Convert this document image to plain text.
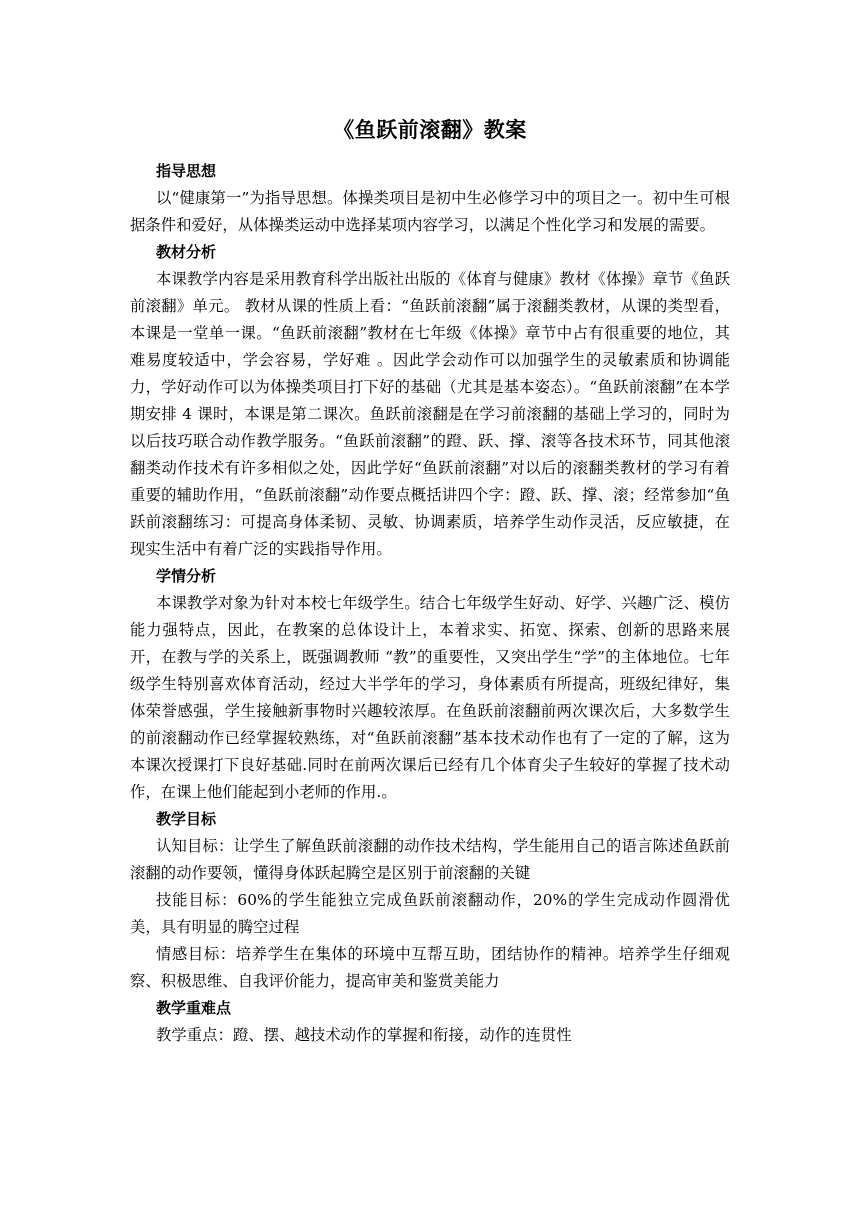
《鱼跃前滚翻》教案

指导思想

以“健康第一”为指导思想。体操类项目是初中生必修学习中的项目之一。初中生可根据条件和爱好，从体操类运动中选择某项内容学习，以满足个性化学习和发展的需要。

教材分析

本课教学内容是采用教育科学出版社出版的《体育与健康》教材《体操》章节《鱼跃前滚翻》单元。 教材从课的性质上看：“鱼跃前滚翻”属于滚翻类教材，从课的类型看，本课是一堂单一课。“鱼跃前滚翻”教材在七年级《体操》章节中占有很重要的地位，其难易度较适中，学会容易，学好难 。因此学会动作可以加强学生的灵敏素质和协调能力，学好动作可以为体操类项目打下好的基础（尤其是基本姿态）。“鱼跃前滚翻”在本学期安排 4 课时，本课是第二课次。鱼跃前滚翻是在学习前滚翻的基础上学习的，同时为以后技巧联合动作教学服务。“鱼跃前滚翻”的蹬、跃、撑、滚等各技术环节，同其他滚翻类动作技术有许多相似之处，因此学好“鱼跃前滚翻”对以后的滚翻类教材的学习有着重要的辅助作用，“鱼跃前滚翻”动作要点概括讲四个字：蹬、跃、撑、滚；经常参加“鱼跃前滚翻练习：可提高身体柔韧、灵敏、协调素质，培养学生动作灵活，反应敏捷，在现实生活中有着广泛的实践指导作用。

学情分析

本课教学对象为针对本校七年级学生。结合七年级学生好动、好学、兴趣广泛、模仿能力强特点，因此，在教案的总体设计上，本着求实、拓宽、探索、创新的思路来展开，在教与学的关系上，既强调教师 “教”的重要性，又突出学生“学”的主体地位。七年级学生特别喜欢体育活动，经过大半学年的学习，身体素质有所提高，班级纪律好，集体荣誉感强，学生接触新事物时兴趣较浓厚。在鱼跃前滚翻前两次课次后，大多数学生的前滚翻动作已经掌握较熟练，对“鱼跃前滚翻”基本技术动作也有了一定的了解，这为本课次授课打下良好基础.同时在前两次课后已经有几个体育尖子生较好的掌握了技术动作，在课上他们能起到小老师的作用.。

教学目标

认知目标：让学生了解鱼跃前滚翻的动作技术结构，学生能用自己的语言陈述鱼跃前滚翻的动作要领，懂得身体跃起腾空是区别于前滚翻的关键

技能目标：60%的学生能独立完成鱼跃前滚翻动作，20%的学生完成动作圆滑优美，具有明显的腾空过程

情感目标：培养学生在集体的环境中互帮互助，团结协作的精神。培养学生仔细观察、积极思维、自我评价能力，提高审美和鉴赏美能力

教学重难点

教学重点：蹬、摆、越技术动作的掌握和衔接，动作的连贯性
